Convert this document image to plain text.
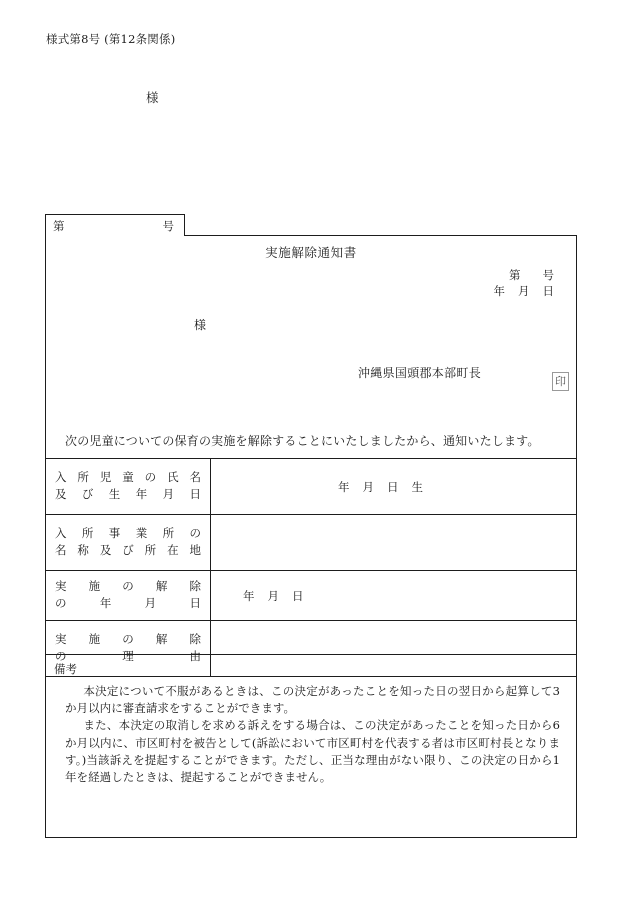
様式第8号 (第12条関係)
様
第	号
実施解除通知書
第 号
年 月 日
様
沖縄県国頭郡本部町長
印
次の児童についての保育の実施を解除することにいたしましたから、通知いたします。
入所児童の氏名
及び生年月日	年 月 日 生

入所事業所の
名称及び所在地	

実施の解除
の年月日	年 月 日

実施の解除
の理由	

備考

本決定について不服があるときは、この決定があったことを知った日の翌日から起算して3か月以内に審査請求をすることができます。

また、本決定の取消しを求める訴えをする場合は、この決定があったことを知った日から6か月以内に、市区町村を被告として(訴訟において市区町村を代表する者は市区町村長となります。)当該訴えを提起することができます。ただし、正当な理由がない限り、この決定の日から1年を経過したときは、提起することができません。
